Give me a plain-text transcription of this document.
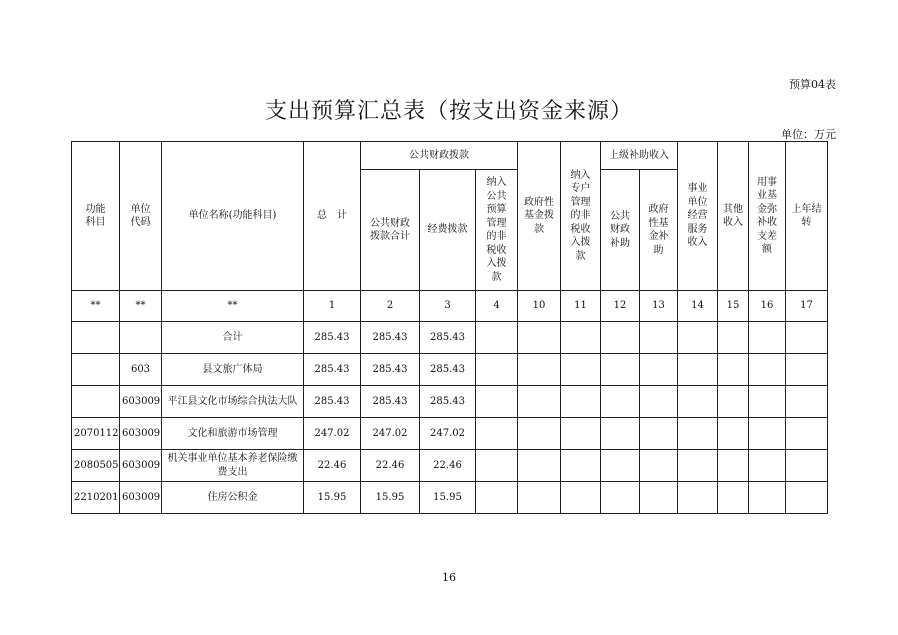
预算04表
支出预算汇总表（按支出资金来源）
单位：万元
功能科目	单位代码	单位名称(功能科目)	总　计	公共财政拨款			政府性基金拨款	纳入专户管理的非税收入拨款	上级补助收入		事业单位经营服务收入	其他收入	用事业基金弥补收支差额	上年结转
				公共财政拨款合计	经费拨款	纳入公共预算管理的非税收入拨款			公共财政补助	政府性基金补助				
**	**	**	1	2	3	4	10	11	12	13	14	15	16	17
		合计	285.43	285.43	285.43									
	603	县文旅广体局	285.43	285.43	285.43									
	603009	平江县文化市场综合执法大队	285.43	285.43	285.43									
2070112	603009	文化和旅游市场管理	247.02	247.02	247.02									
2080505	603009	机关事业单位基本养老保险缴费支出	22.46	22.46	22.46									
2210201	603009	住房公积金	15.95	15.95	15.95									
16
